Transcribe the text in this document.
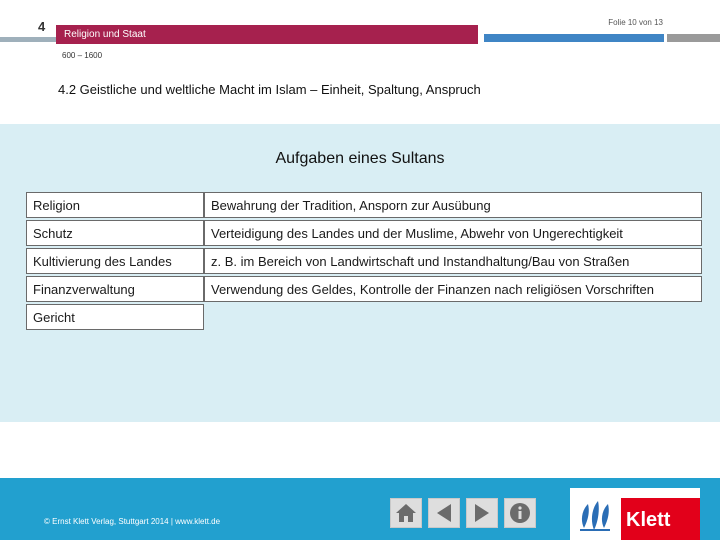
4
Religion und Staat
Folie 10 von 13
600 – 1600
4.2 Geistliche und weltliche Macht im Islam – Einheit, Spaltung, Anspruch
Aufgaben eines Sultans
Religion	Bewahrung der Tradition, Ansporn zur Ausübung
Schutz	Verteidigung des Landes und der Muslime, Abwehr von Ungerechtigkeit
Kultivierung des Landes	z. B. im Bereich von Landwirtschaft und Instandhaltung/Bau von Straßen
Finanzverwaltung	Verwendung des Geldes, Kontrolle der Finanzen nach religiösen Vorschriften
Gericht
© Ernst Klett Verlag, Stuttgart 2014 | www.klett.de	Klett
